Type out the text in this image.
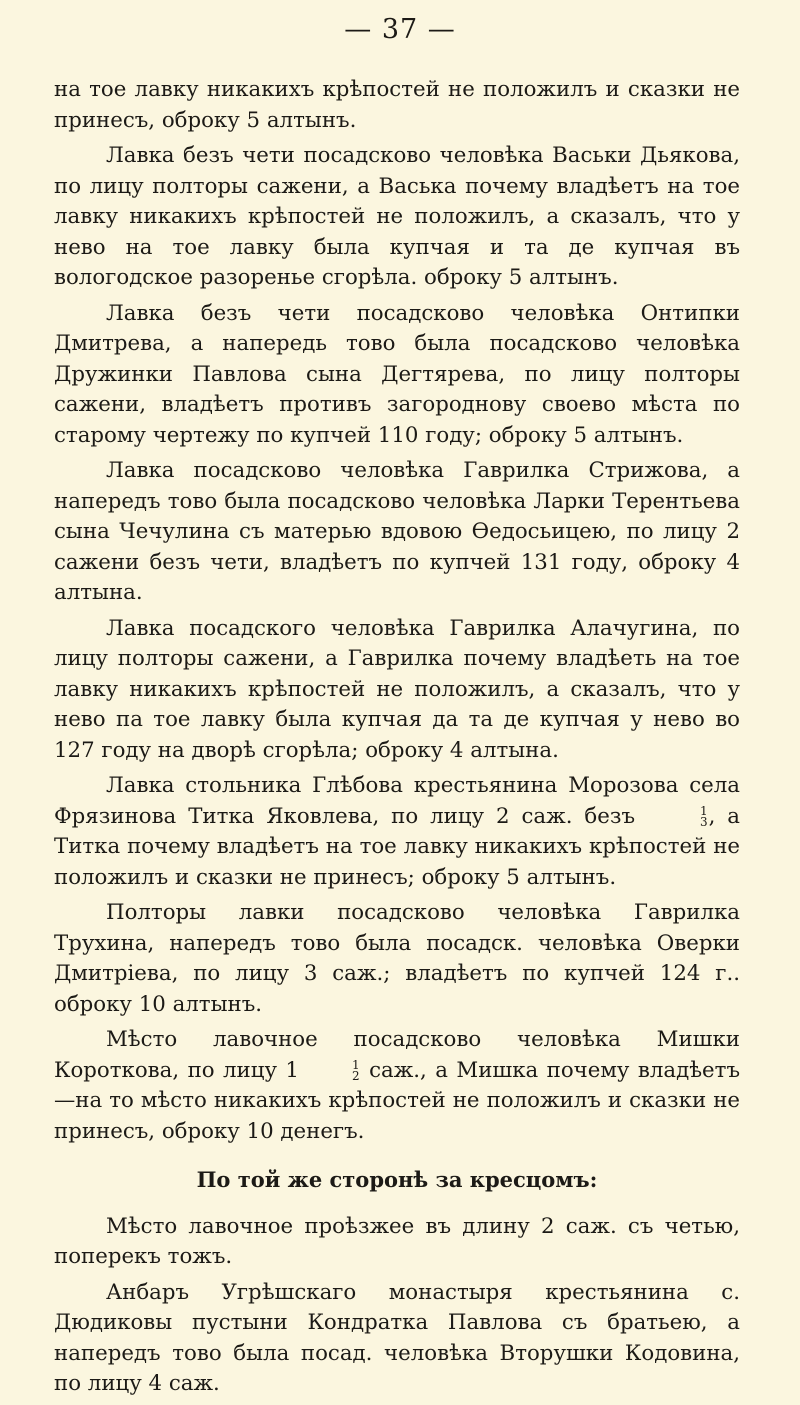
— 37 —

на тое лавку никакихъ крѣпостей не положилъ и сказки не принесъ, оброку 5 алтынъ.

Лавка безъ чети посадсково человѣка Васьки Дьякова, по лицу полторы сажени, а Васька почему владѣетъ на тое лавку никакихъ крѣпостей не положилъ, а сказалъ, что у нево на тое лавку была купчая и та де купчая въ вологодское разоренье сгорѣла. оброку 5 алтынъ.

Лавка безъ чети посадсково человѣка Онтипки Дмитрева, а напередь тово была посадсково человѣка Дружинки Павлова сына Дегтярева, по лицу полторы сажени, владѣетъ противъ загороднову своево мѣста по старому чертежу по купчей 110 году; оброку 5 алтынъ.

Лавка посадсково человѣка Гаврилка Стрижова, а напередъ тово была посадсково человѣка Ларки Терентьева сына Чечулина съ матерью вдовою Ѳедосьицею, по лицу 2 сажени безъ чети, владѣетъ по купчей 131 году, оброку 4 алтына.

Лавка посадского человѣка Гаврилка Алачугина, по лицу полторы сажени, а Гаврилка почему владѣеть на тое лавку никакихъ крѣпостей не положилъ, а сказалъ, что у нево па тое лавку была купчая да та де купчая у нево во 127 году на дворѣ сгорѣла; оброку 4 алтына.

Лавка стольника Глѣбова крестьянина Морозова села Фрязинова Титка Яковлева, по лицу 2 саж. безъ	1
3 , а Титка почему владѣетъ на тое лавку никакихъ крѣпостей не положилъ и сказки не принесъ; оброку 5 алтынъ.

Полторы лавки посадсково человѣка Гаврилка Трухина, напередъ тово была посадск. человѣка Оверки Дмитріева, по лицу 3 саж.; владѣетъ по купчей 124 г.. оброку 10 алтынъ.

Мѣсто лавочное посадсково человѣка Мишки Короткова, по лицу 1	1
2 саж., а Мишка почему владѣетъ—на то мѣсто никакихъ крѣпостей не положилъ и сказки не принесъ, оброку 10 денегъ.

По той же сторонѣ за кресцомъ:

Мѣсто лавочное проѣзжее въ длину 2 саж. съ четью, поперекъ тожъ.

Анбаръ Угрѣшскаго монастыря крестьянина с. Дюдиковы пустыни Кондратка Павлова съ братьею, а напередъ тово была посад. человѣка Вторушки Кодовина, по лицу 4 саж.
